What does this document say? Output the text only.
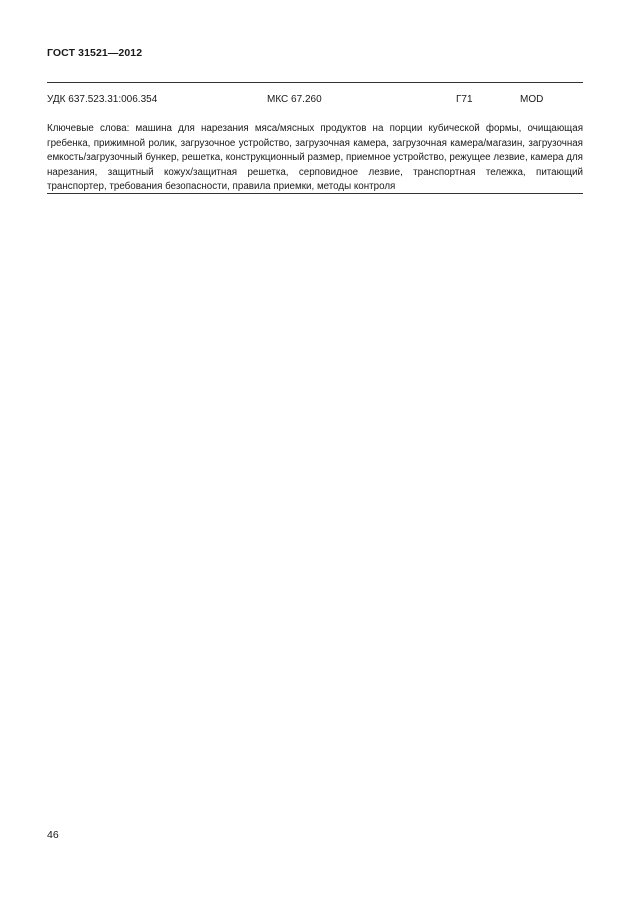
ГОСТ 31521—2012
УДК 637.523.31:006.354	МКС 67.260	Г71	MOD
Ключевые слова: машина для нарезания мяса/мясных продуктов на порции кубической формы, очищающая гребенка, прижимной ролик, загрузочное устройство, загрузочная камера, загрузочная камера/магазин, загрузочная емкость/загрузочный бункер, решетка, конструкционный размер, приемное устройство, режущее лезвие, камера для нарезания, защитный кожух/защитная решетка, серповидное лезвие, транспортная тележка, питающий транспортер, требования безопасности, правила приемки, методы контроля
46
